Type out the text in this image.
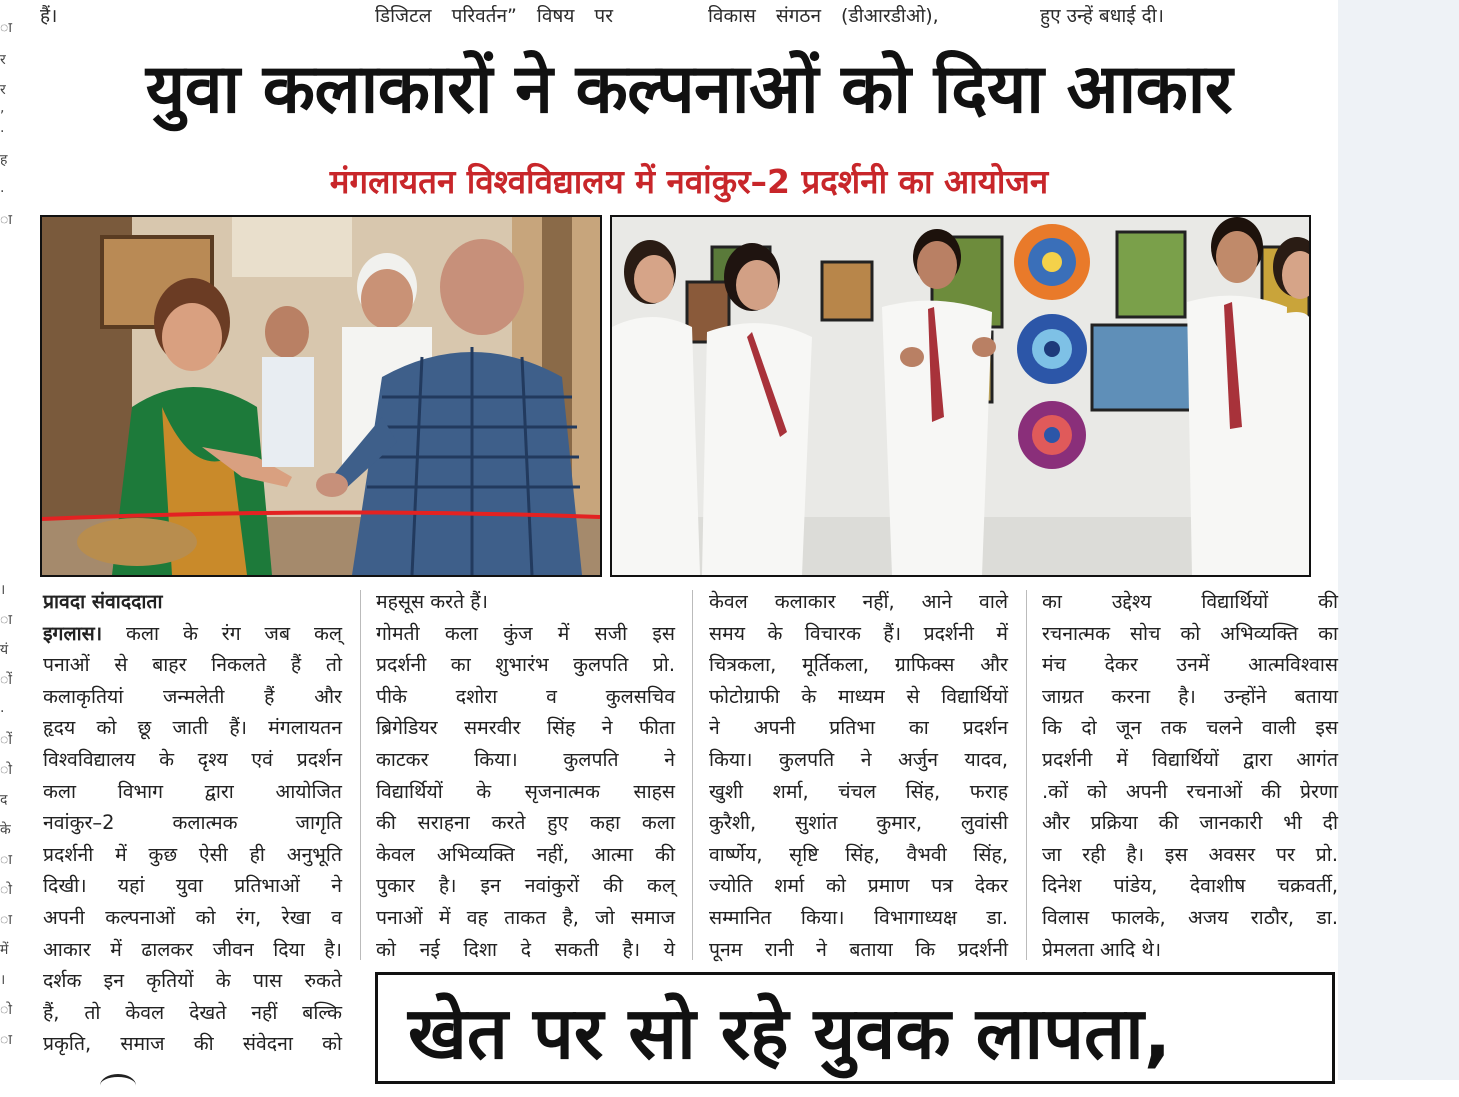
ा
र
र
,
.
ह
.
ा
।
ा
यं
ों
.
ों
ो
द
के
ा
ो
ा
में
।
ो
ा
हैं।	डिजिटल परिवर्तन” विषय पर	विकास संगठन (डीआरडीओ),	हुए उन्हें बधाई दी।
युवा कलाकारों ने कल्पनाओं को दिया आकार
मंगलायतन विश्वविद्यालय में नवांकुर–2 प्रदर्शनी का आयोजन

प्रावदा संवाददाता

इगलास। कला के रंग जब कल्

पनाओं से बाहर निकलते हैं तो

कलाकृतियां जन्मलेती हैं और

हृदय को छू जाती हैं। मंगलायतन

विश्वविद्यालय के दृश्य एवं प्रदर्शन

कला विभाग द्वारा आयोजित

नवांकुर–2 कलात्मक जागृति

प्रदर्शनी में कुछ ऐसी ही अनुभूति

दिखी। यहां युवा प्रतिभाओं ने

अपनी कल्पनाओं को रंग, रेखा व

आकार में ढालकर जीवन दिया है।

दर्शक इन कृतियों के पास रुकते

हैं, तो केवल देखते नहीं बल्कि

प्रकृति, समाज की संवेदना को

महसूस करते हैं।

गोमती कला कुंज में सजी इस

प्रदर्शनी का शुभारंभ कुलपति प्रो.

पीके दशोरा व कुलसचिव

ब्रिगेडियर समरवीर सिंह ने फीता

काटकर किया। कुलपति ने

विद्यार्थियों के सृजनात्मक साहस

की सराहना करते हुए कहा कला

केवल अभिव्यक्ति नहीं, आत्मा की

पुकार है। इन नवांकुरों की कल्

पनाओं में वह ताकत है, जो समाज

को नई दिशा दे सकती है। ये

केवल कलाकार नहीं, आने वाले

समय के विचारक हैं। प्रदर्शनी में

चित्रकला, मूर्तिकला, ग्राफिक्स और

फोटोग्राफी के माध्यम से विद्यार्थियों

ने अपनी प्रतिभा का प्रदर्शन

किया। कुलपति ने अर्जुन यादव,

खुशी शर्मा, चंचल सिंह, फराह

कुरैशी, सुशांत कुमार, लुवांसी

वार्ष्णेय, सृष्टि सिंह, वैभवी सिंह,

ज्योति शर्मा को प्रमाण पत्र देकर

सम्मानित किया। विभागाध्यक्ष डा.

पूनम रानी ने बताया कि प्रदर्शनी

का उद्देश्य विद्यार्थियों की

रचनात्मक सोच को अभिव्यक्ति का

मंच देकर उनमें आत्मविश्वास

जाग्रत करना है। उन्होंने बताया

कि दो जून तक चलने वाली इस

प्रदर्शनी में विद्यार्थियों द्वारा आगंत

.कों को अपनी रचनाओं की प्रेरणा

और प्रक्रिया की जानकारी भी दी

जा रही है। इस अवसर पर प्रो.

दिनेश पांडेय, देवाशीष चक्रवर्ती,

विलास फालके, अजय राठौर, डा.

प्रेमलता आदि थे।

खेत पर सो रहे युवक लापता,
